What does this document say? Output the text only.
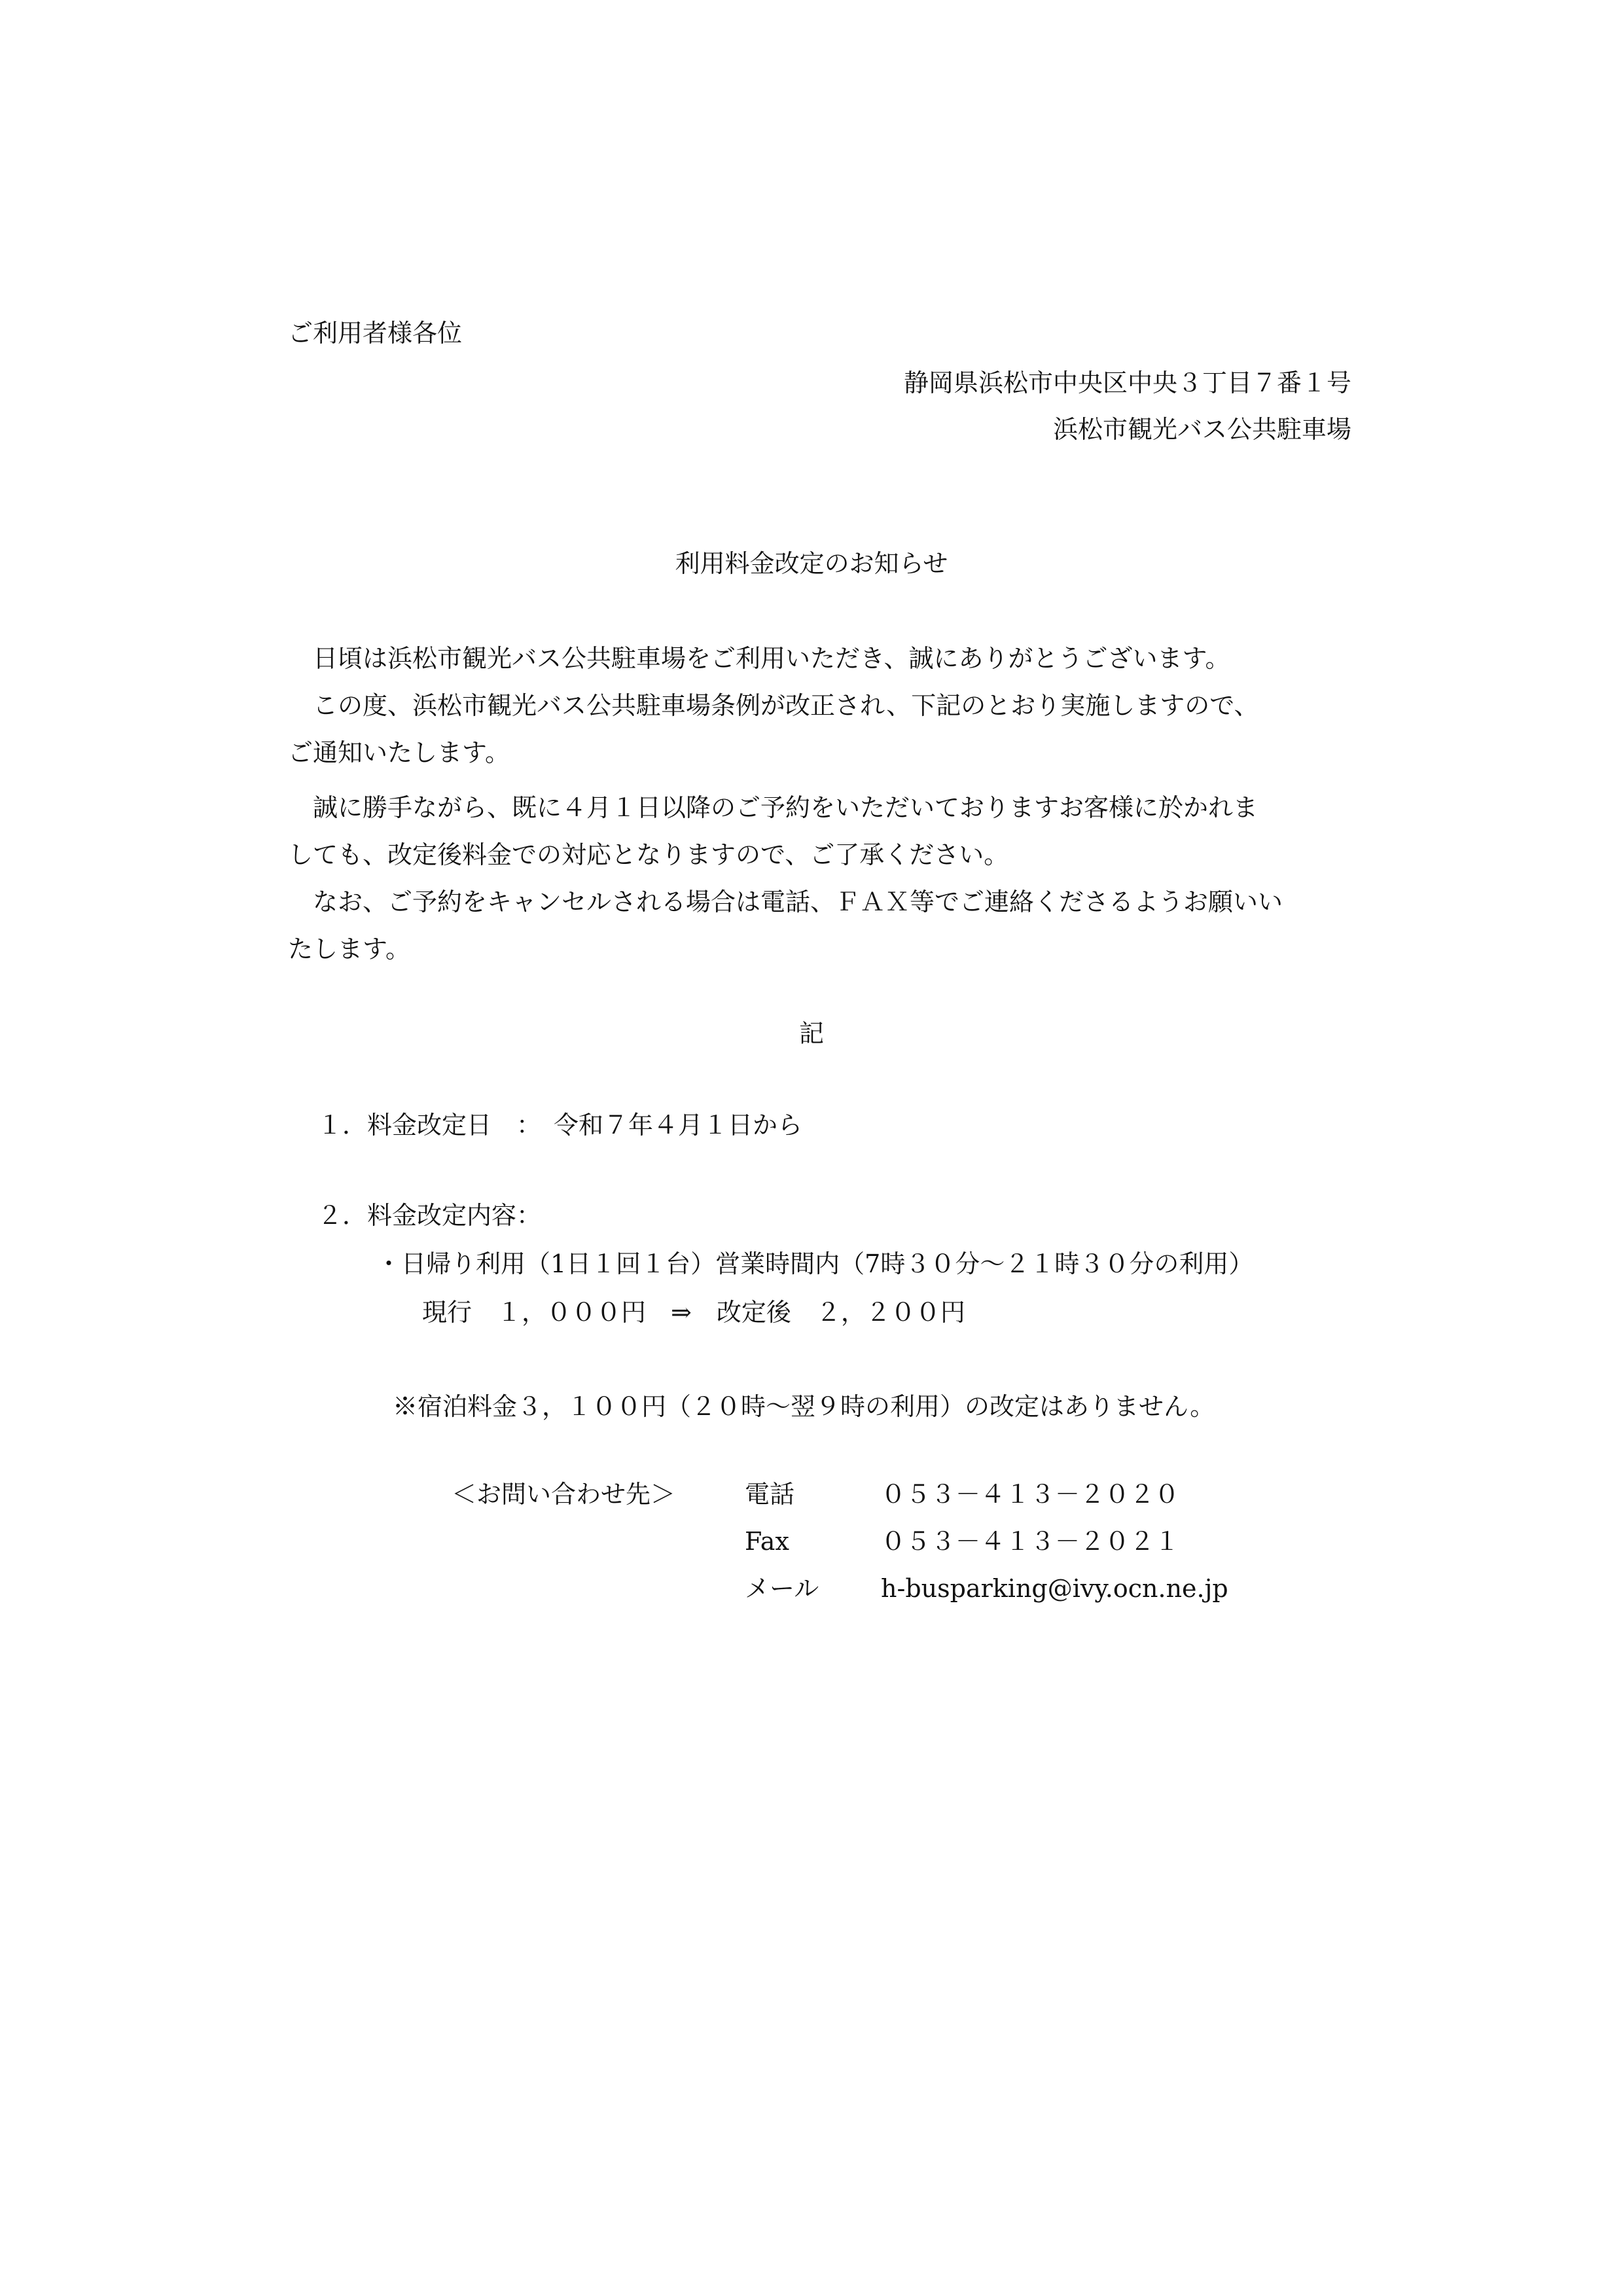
ご利用者様各位
静岡県浜松市中央区中央３丁目７番１号
浜松市観光バス公共駐車場
利用料金改定のお知らせ
　日頃は浜松市観光バス公共駐車場をご利用いただき、誠にありがとうございます。
　この度、浜松市観光バス公共駐車場条例が改正され、下記のとおり実施しますので、
ご通知いたします。
　誠に勝手ながら、既に４月１日以降のご予約をいただいておりますお客様に於かれま
しても、改定後料金での対応となりますので、ご了承ください。
　なお、ご予約をキャンセルされる場合は電話、ＦＡＸ等でご連絡くださるようお願いい
たします。
記
１．料金改定日　：　令和７年４月１日から
２．料金改定内容：
・日帰り利用（1日１回１台）営業時間内（7時３０分～２１時３０分の利用）
現行　１，０００円　⇒　改定後　２，２００円
※宿泊料金３，１００円（２０時～翌９時の利用）の改定はありません。
＜お問い合わせ先＞	電話	０５３－４１３－２０２０
Fax	０５３－４１３－２０２１
メール h-busparking@ivy.ocn.ne.jp
